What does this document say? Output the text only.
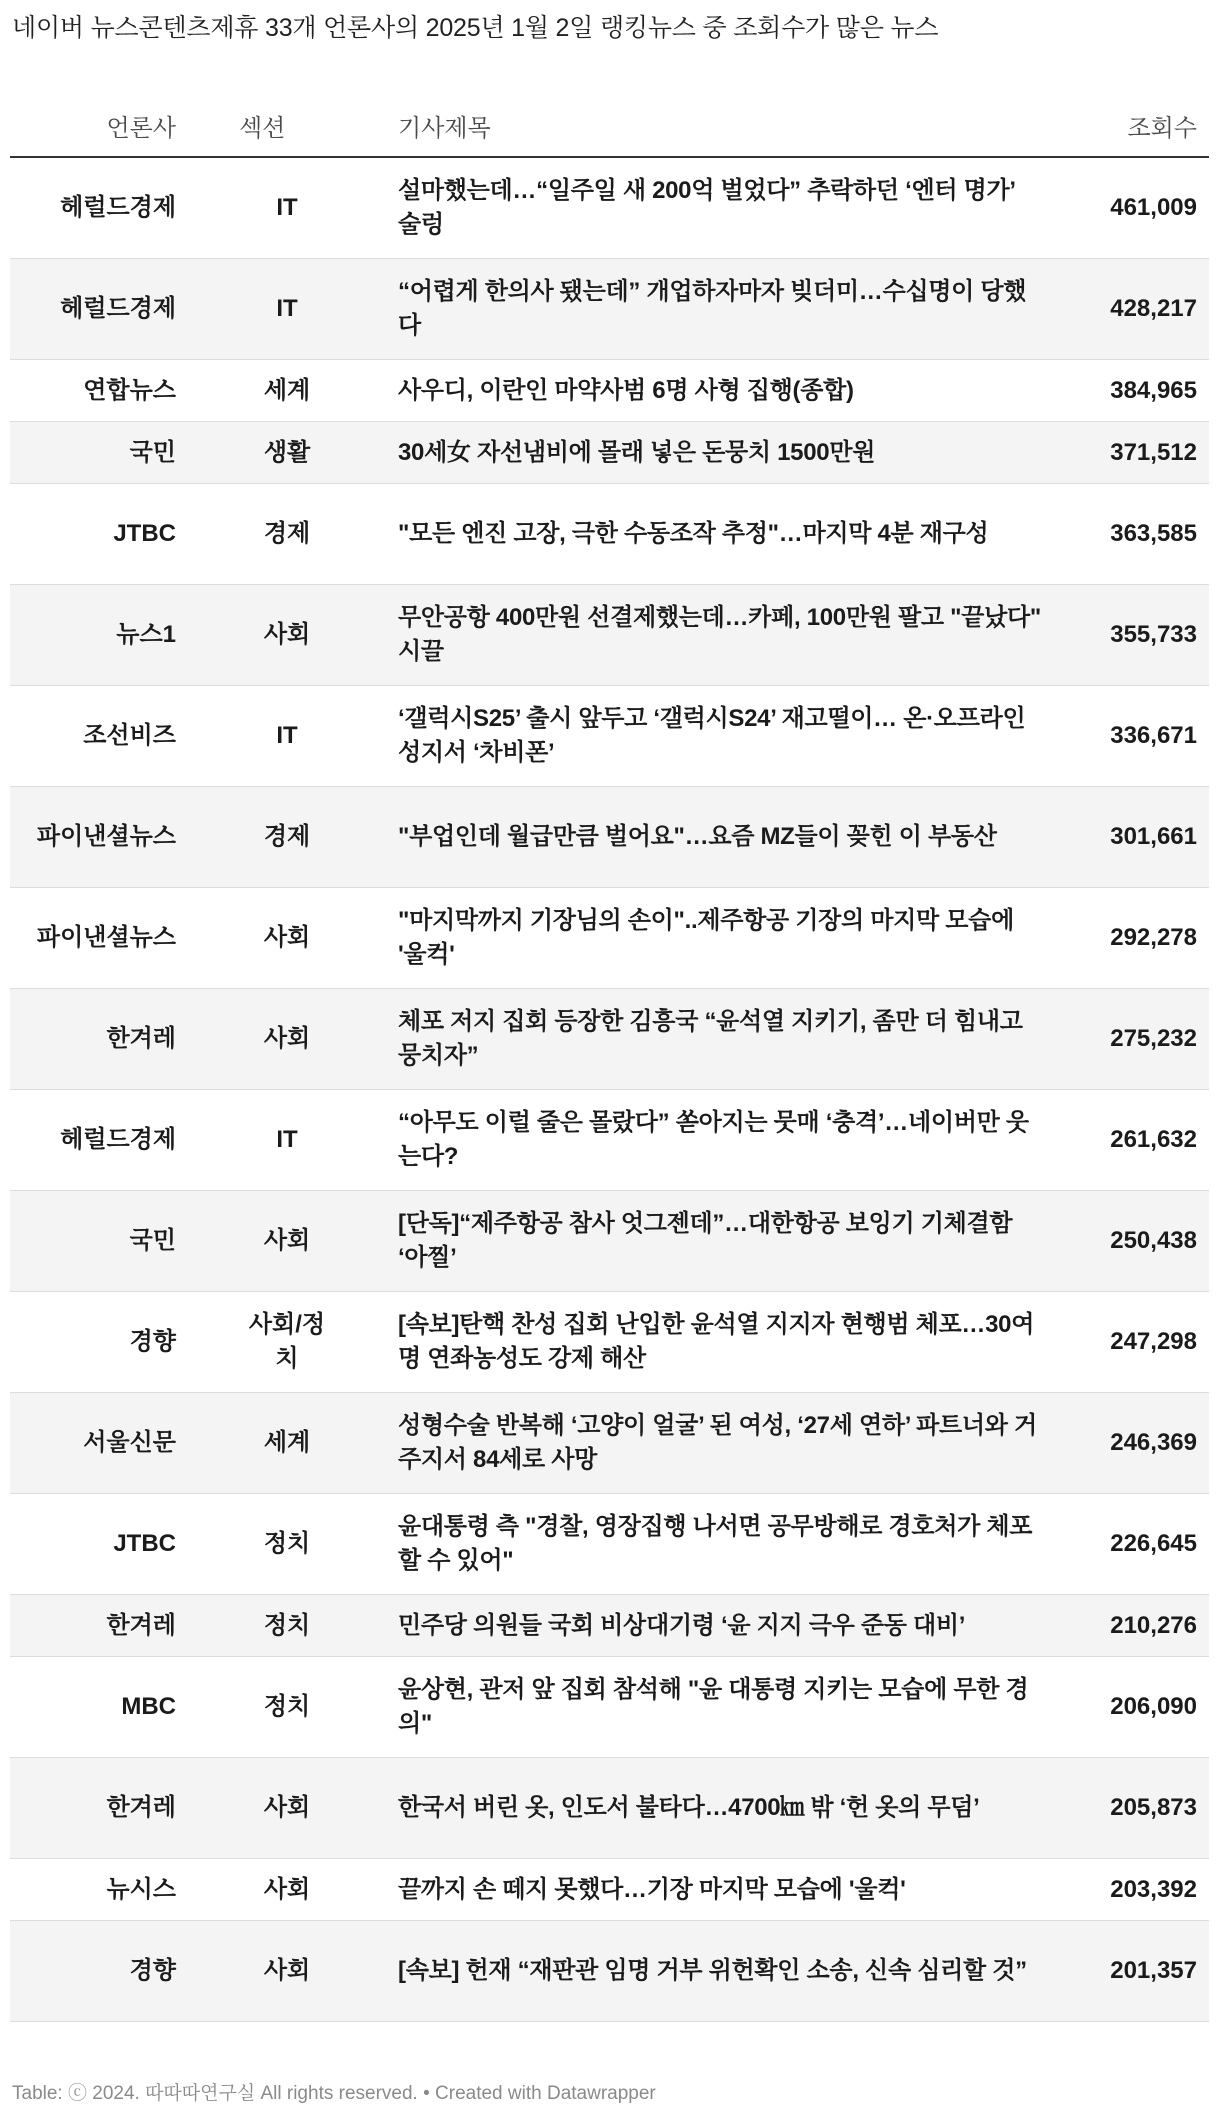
네이버 뉴스콘텐츠제휴 33개 언론사의 2025년 1월 2일 랭킹뉴스 중 조회수가 많은 뉴스
언론사	섹션	기사제목	조회수
헤럴드경제	IT	설마했는데…“일주일 새 200억 벌었다” 추락하던 ‘엔터 명가’ 술렁	461,009
헤럴드경제	IT	“어렵게 한의사 됐는데” 개업하자마자 빚더미…수십명이 당했다	428,217
연합뉴스	세계	사우디, 이란인 마약사범 6명 사형 집행(종합)	384,965
국민	생활	30세女 자선냄비에 몰래 넣은 돈뭉치 1500만원	371,512
JTBC	경제	"모든 엔진 고장, 극한 수동조작 추정"…마지막 4분 재구성	363,585
뉴스1	사회	무안공항 400만원 선결제했는데…카페, 100만원 팔고 "끝났다" 시끌	355,733
조선비즈	IT	‘갤럭시S25’ 출시 앞두고 ‘갤럭시S24’ 재고떨이… 온·오프라인 성지서 ‘차비폰’	336,671
파이낸셜뉴스	경제	"부업인데 월급만큼 벌어요"…요즘 MZ들이 꽂힌 이 부동산	301,661
파이낸셜뉴스	사회	"마지막까지 기장님의 손이"..제주항공 기장의 마지막 모습에 '울컥'	292,278
한겨레	사회	체포 저지 집회 등장한 김흥국 “윤석열 지키기, 좀만 더 힘내고 뭉치자”	275,232
헤럴드경제	IT	“아무도 이럴 줄은 몰랐다” 쏟아지는 뭇매 ‘충격’…네이버만 웃는다?	261,632
국민	사회	[단독]“제주항공 참사 엇그젠데”…대한항공 보잉기 기체결함 ‘아찔’	250,438
경향	사회/정치	[속보]탄핵 찬성 집회 난입한 윤석열 지지자 현행범 체포…30여명 연좌농성도 강제 해산	247,298
서울신문	세계	성형수술 반복해 ‘고양이 얼굴’ 된 여성, ‘27세 연하’ 파트너와 거주지서 84세로 사망	246,369
JTBC	정치	윤대통령 측 "경찰, 영장집행 나서면 공무방해로 경호처가 체포할 수 있어"	226,645
한겨레	정치	민주당 의원들 국회 비상대기령 ‘윤 지지 극우 준동 대비’	210,276
MBC	정치	윤상현, 관저 앞 집회 참석해 "윤 대통령 지키는 모습에 무한 경의"	206,090
한겨레	사회	한국서 버린 옷, 인도서 불타다…4700㎞ 밖 ‘헌 옷의 무덤’	205,873
뉴시스	사회	끝까지 손 떼지 못했다…기장 마지막 모습에 '울컥'	203,392
경향	사회	[속보] 헌재 “재판관 임명 거부 위헌확인 소송, 신속 심리할 것”	201,357
Table: ⓒ 2024. 따따따연구실 All rights reserved. • Created with Datawrapper
